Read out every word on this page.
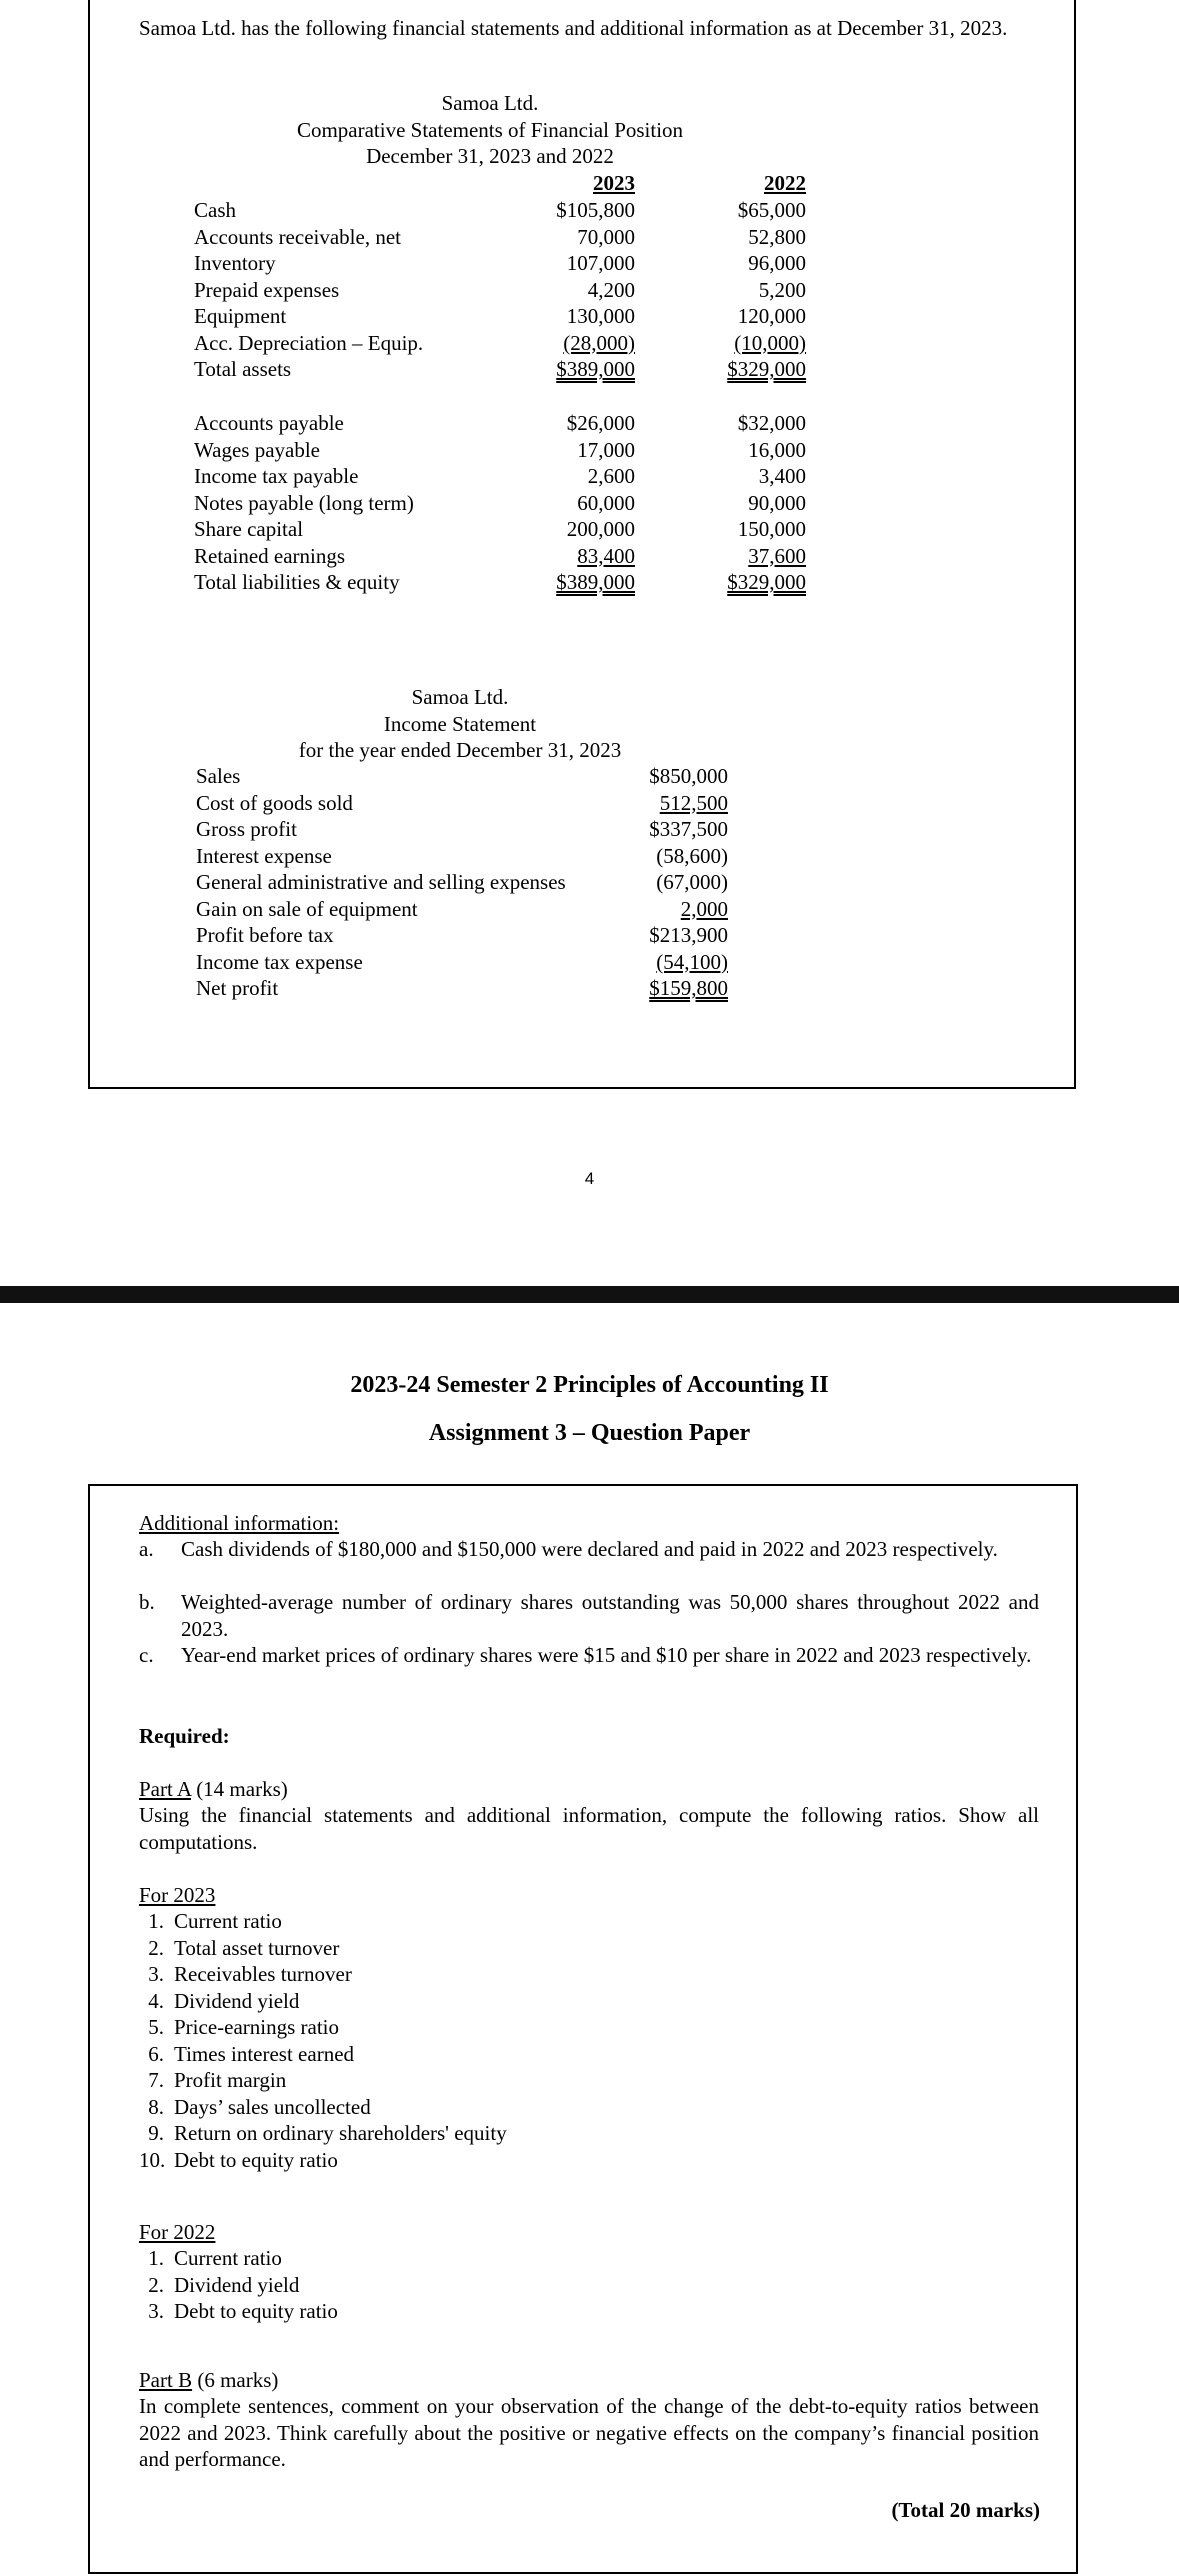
Samoa Ltd. has the following financial statements and additional information as at December 31, 2023.
Samoa Ltd.
Comparative Statements of Financial Position
December 31, 2023 and 2022
2023	2022
Cash	$105,800	$65,000
Accounts receivable, net	70,000	52,800
Inventory	107,000	96,000
Prepaid expenses	4,200	5,200
Equipment	130,000	120,000
Acc. Depreciation – Equip.	(28,000)	(10,000)
Total assets	$389,000	$329,000
Accounts payable	$26,000	$32,000
Wages payable	17,000	16,000
Income tax payable	2,600	3,400
Notes payable (long term)	60,000	90,000
Share capital	200,000	150,000
Retained earnings	83,400	37,600
Total liabilities & equity	$389,000	$329,000
Samoa Ltd.
Income Statement
for the year ended December 31, 2023
Sales	$850,000
Cost of goods sold	512,500
Gross profit	$337,500
Interest expense	(58,600)
General administrative and selling expenses	(67,000)
Gain on sale of equipment	2,000
Profit before tax	$213,900
Income tax expense	(54,100)
Net profit	$159,800
4
2023-24 Semester 2 Principles of Accounting II
Assignment 3 – Question Paper
Additional information:
a. Cash dividends of $180,000 and $150,000 were declared and paid in 2022 and 2023 respectively.
b. Weighted-average number of ordinary shares outstanding was 50,000 shares throughout 2022 and 2023.
c. Year-end market prices of ordinary shares were $15 and $10 per share in 2022 and 2023 respectively.
Required:
Part A (14 marks)
Using the financial statements and additional information, compute the following ratios. Show all computations.
For 2023
1. Current ratio
2. Total asset turnover
3. Receivables turnover
4. Dividend yield
5. Price-earnings ratio
6. Times interest earned
7. Profit margin
8. Days’ sales uncollected
9. Return on ordinary shareholders' equity
10. Debt to equity ratio
For 2022
1. Current ratio
2. Dividend yield
3. Debt to equity ratio
Part B (6 marks)
In complete sentences, comment on your observation of the change of the debt-to-equity ratios between 2022 and 2023. Think carefully about the positive or negative effects on the company’s financial position and performance.
(Total 20 marks)
